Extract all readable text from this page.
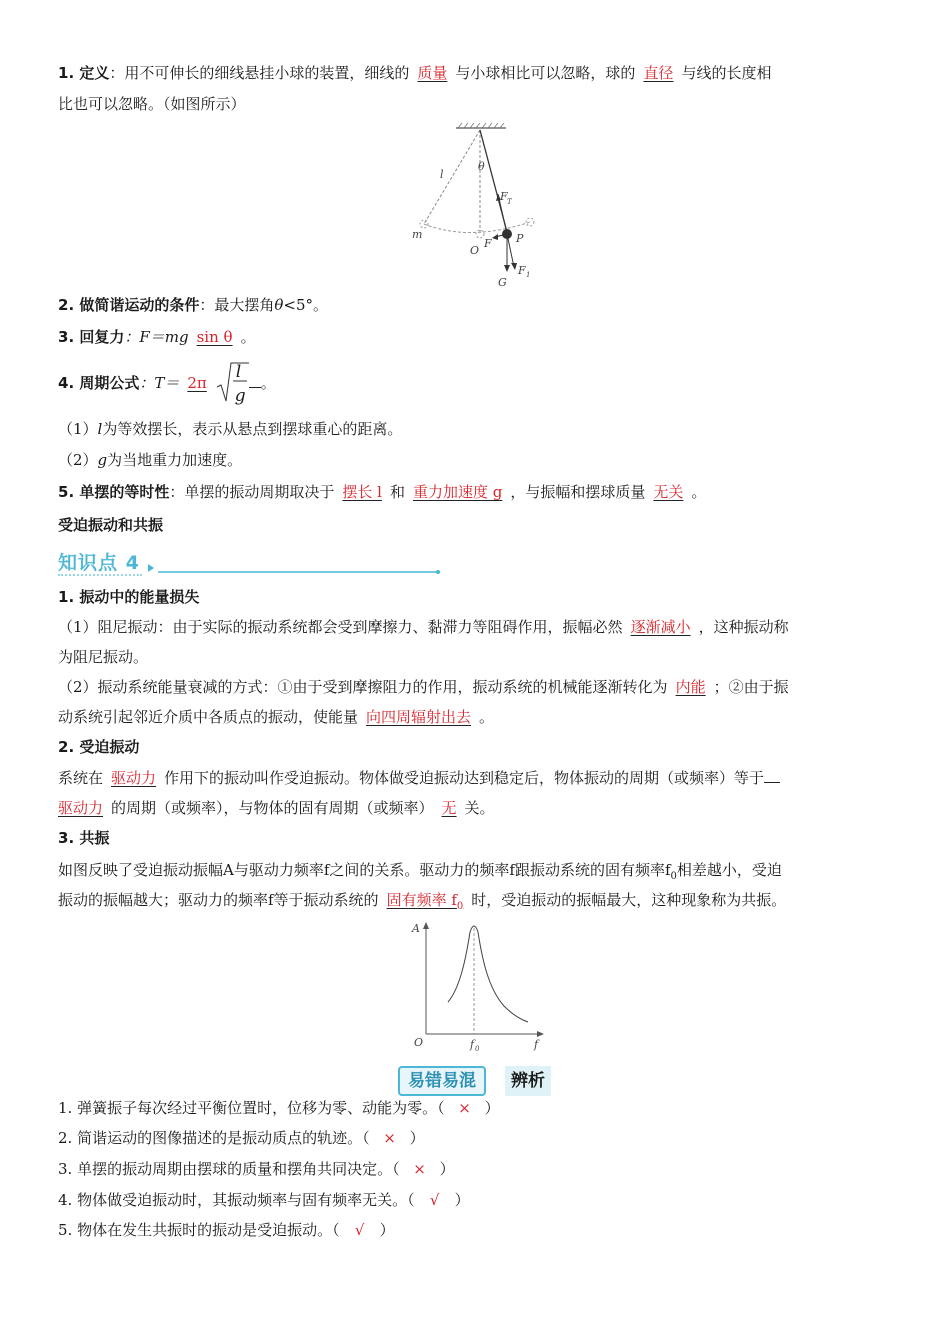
1. 定义：用不可伸长的细线悬挂小球的装置，细线的 质量 与小球相比可以忽略，球的 直径 与线的长度相
比也可以忽略。（如图所示）
l
θ
m
O
F P
F T
F 1
G
2. 做简谐运动的条件：最大摆角θ<5°。
3. 回复力：F＝mg sin θ 。
4. 周期公式：T＝ 2π
l
g
。
（1）l为等效摆长，表示从悬点到摆球重心的距离。
（2）g为当地重力加速度。
5. 单摆的等时性：单摆的振动周期取决于 摆长 l 和 重力加速度 g ，与振幅和摆球质量 无关 。
受迫振动和共振
知识点 4
1. 振动中的能量损失
（1）阻尼振动：由于实际的振动系统都会受到摩擦力、黏滞力等阻碍作用，振幅必然 逐渐减小 ，这种振动称
为阻尼振动。
（2）振动系统能量衰减的方式：①由于受到摩擦阻力的作用，振动系统的机械能逐渐转化为 内能 ；②由于振
动系统引起邻近介质中各质点的振动，使能量 向四周辐射出去 。
2. 受迫振动
系统在 驱动力 作用下的振动叫作受迫振动。物体做受迫振动达到稳定后，物体振动的周期（或频率）等于
驱动力 的周期（或频率），与物体的固有周期（或频率） 无 关。
3. 共振
如图反映了受迫振动振幅A与驱动力频率f之间的关系。驱动力的频率f跟振动系统的固有频率$f_0$相差越小，受迫
振动的振幅越大；驱动力的频率f等于振动系统的 固有频率 $f_0$ 时，受迫振动的振幅最大，这种现象称为共振。
A
O	f
f 0
易错易混	辨析
1. 弹簧振子每次经过平衡位置时，位移为零、动能为零。（ × ）
2. 简谐运动的图像描述的是振动质点的轨迹。（ × ）
3. 单摆的振动周期由摆球的质量和摆角共同决定。（ × ）
4. 物体做受迫振动时，其振动频率与固有频率无关。（ √ ）
5. 物体在发生共振时的振动是受迫振动。（ √ ）
